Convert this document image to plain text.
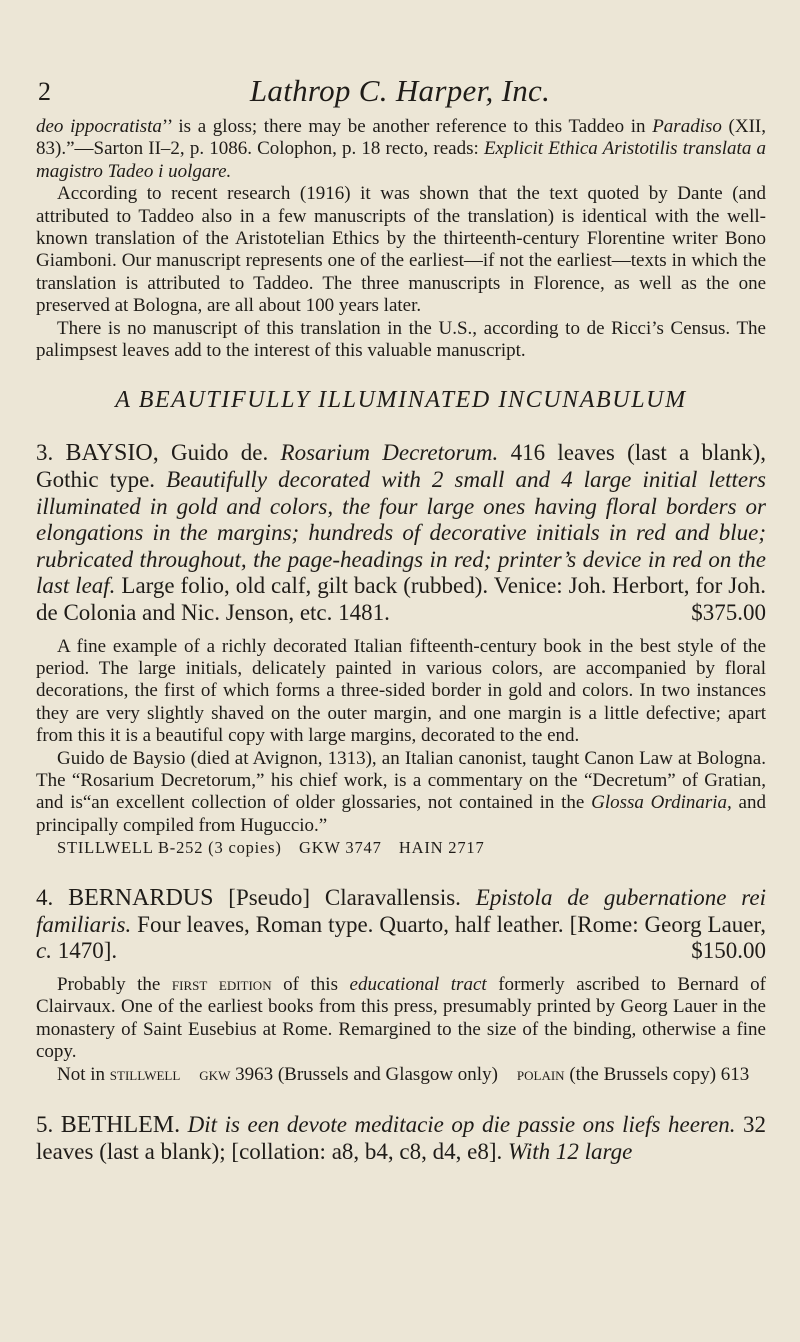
2	Lathrop C. Harper, Inc.

deo ippocratista’’ is a gloss; there may be another reference to this Taddeo in Paradiso (XII, 83).”—Sarton II–2, p. 1086. Colophon, p. 18 recto, reads: Explicit Ethica Aristotilis translata a magistro Tadeo i uolgare.

According to recent research (1916) it was shown that the text quoted by Dante (and attributed to Taddeo also in a few manuscripts of the translation) is identical with the well-known translation of the Aristotelian Ethics by the thirteenth-century Florentine writer Bono Giamboni. Our manuscript represents one of the earliest—if not the earliest—texts in which the translation is attributed to Taddeo. The three manuscripts in Florence, as well as the one preserved at Bologna, are all about 100 years later.

There is no manuscript of this translation in the U.S., according to de Ricci’s Census. The palimpsest leaves add to the interest of this valuable manuscript.

A BEAUTIFULLY ILLUMINATED INCUNABULUM

3. BAYSIO, Guido de. Rosarium Decretorum. 416 leaves (last a blank), Gothic type. Beautifully decorated with 2 small and 4 large initial letters illuminated in gold and colors, the four large ones having floral borders or elongations in the margins; hundreds of decorative initials in red and blue; rubricated throughout, the page-headings in red; printer’s device in red on the last leaf. Large folio, old calf, gilt back (rubbed). Venice: Joh. Herbort, for Joh. de Colonia and Nic. Jenson, etc. 1481.	$375.00

A fine example of a richly decorated Italian fifteenth-century book in the best style of the period. The large initials, delicately painted in various colors, are accompanied by floral decorations, the first of which forms a three-sided border in gold and colors. In two instances they are very slightly shaved on the outer margin, and one margin is a little defective; apart from this it is a beautiful copy with large margins, decorated to the end.

Guido de Baysio (died at Avignon, 1313), an Italian canonist, taught Canon Law at Bologna. The “Rosarium Decretorum,” his chief work, is a commentary on the “Decretum” of Gratian, and is“an excellent collection of older glossaries, not contained in the Glossa Ordinaria, and principally compiled from Huguccio.”

STILLWELL B-252 (3 copies) GKW 3747 HAIN 2717

4. BERNARDUS [Pseudo] Claravallensis. Epistola de gubernatione rei familiaris. Four leaves, Roman type. Quarto, half leather. [Rome: Georg Lauer, c. 1470].	$150.00

Probably the first edition of this educational tract formerly ascribed to Bernard of Clairvaux. One of the earliest books from this press, presumably printed by Georg Lauer in the monastery of Saint Eusebius at Rome. Remargined to the size of the binding, otherwise a fine copy.

Not in stillwell  gkw 3963 (Brussels and Glasgow only) polain (the Brussels copy) 613

5. BETHLEM. Dit is een devote meditacie op die passie ons liefs heeren. 32 leaves (last a blank); [collation: a8, b4, c8, d4, e8]. With 12 large
